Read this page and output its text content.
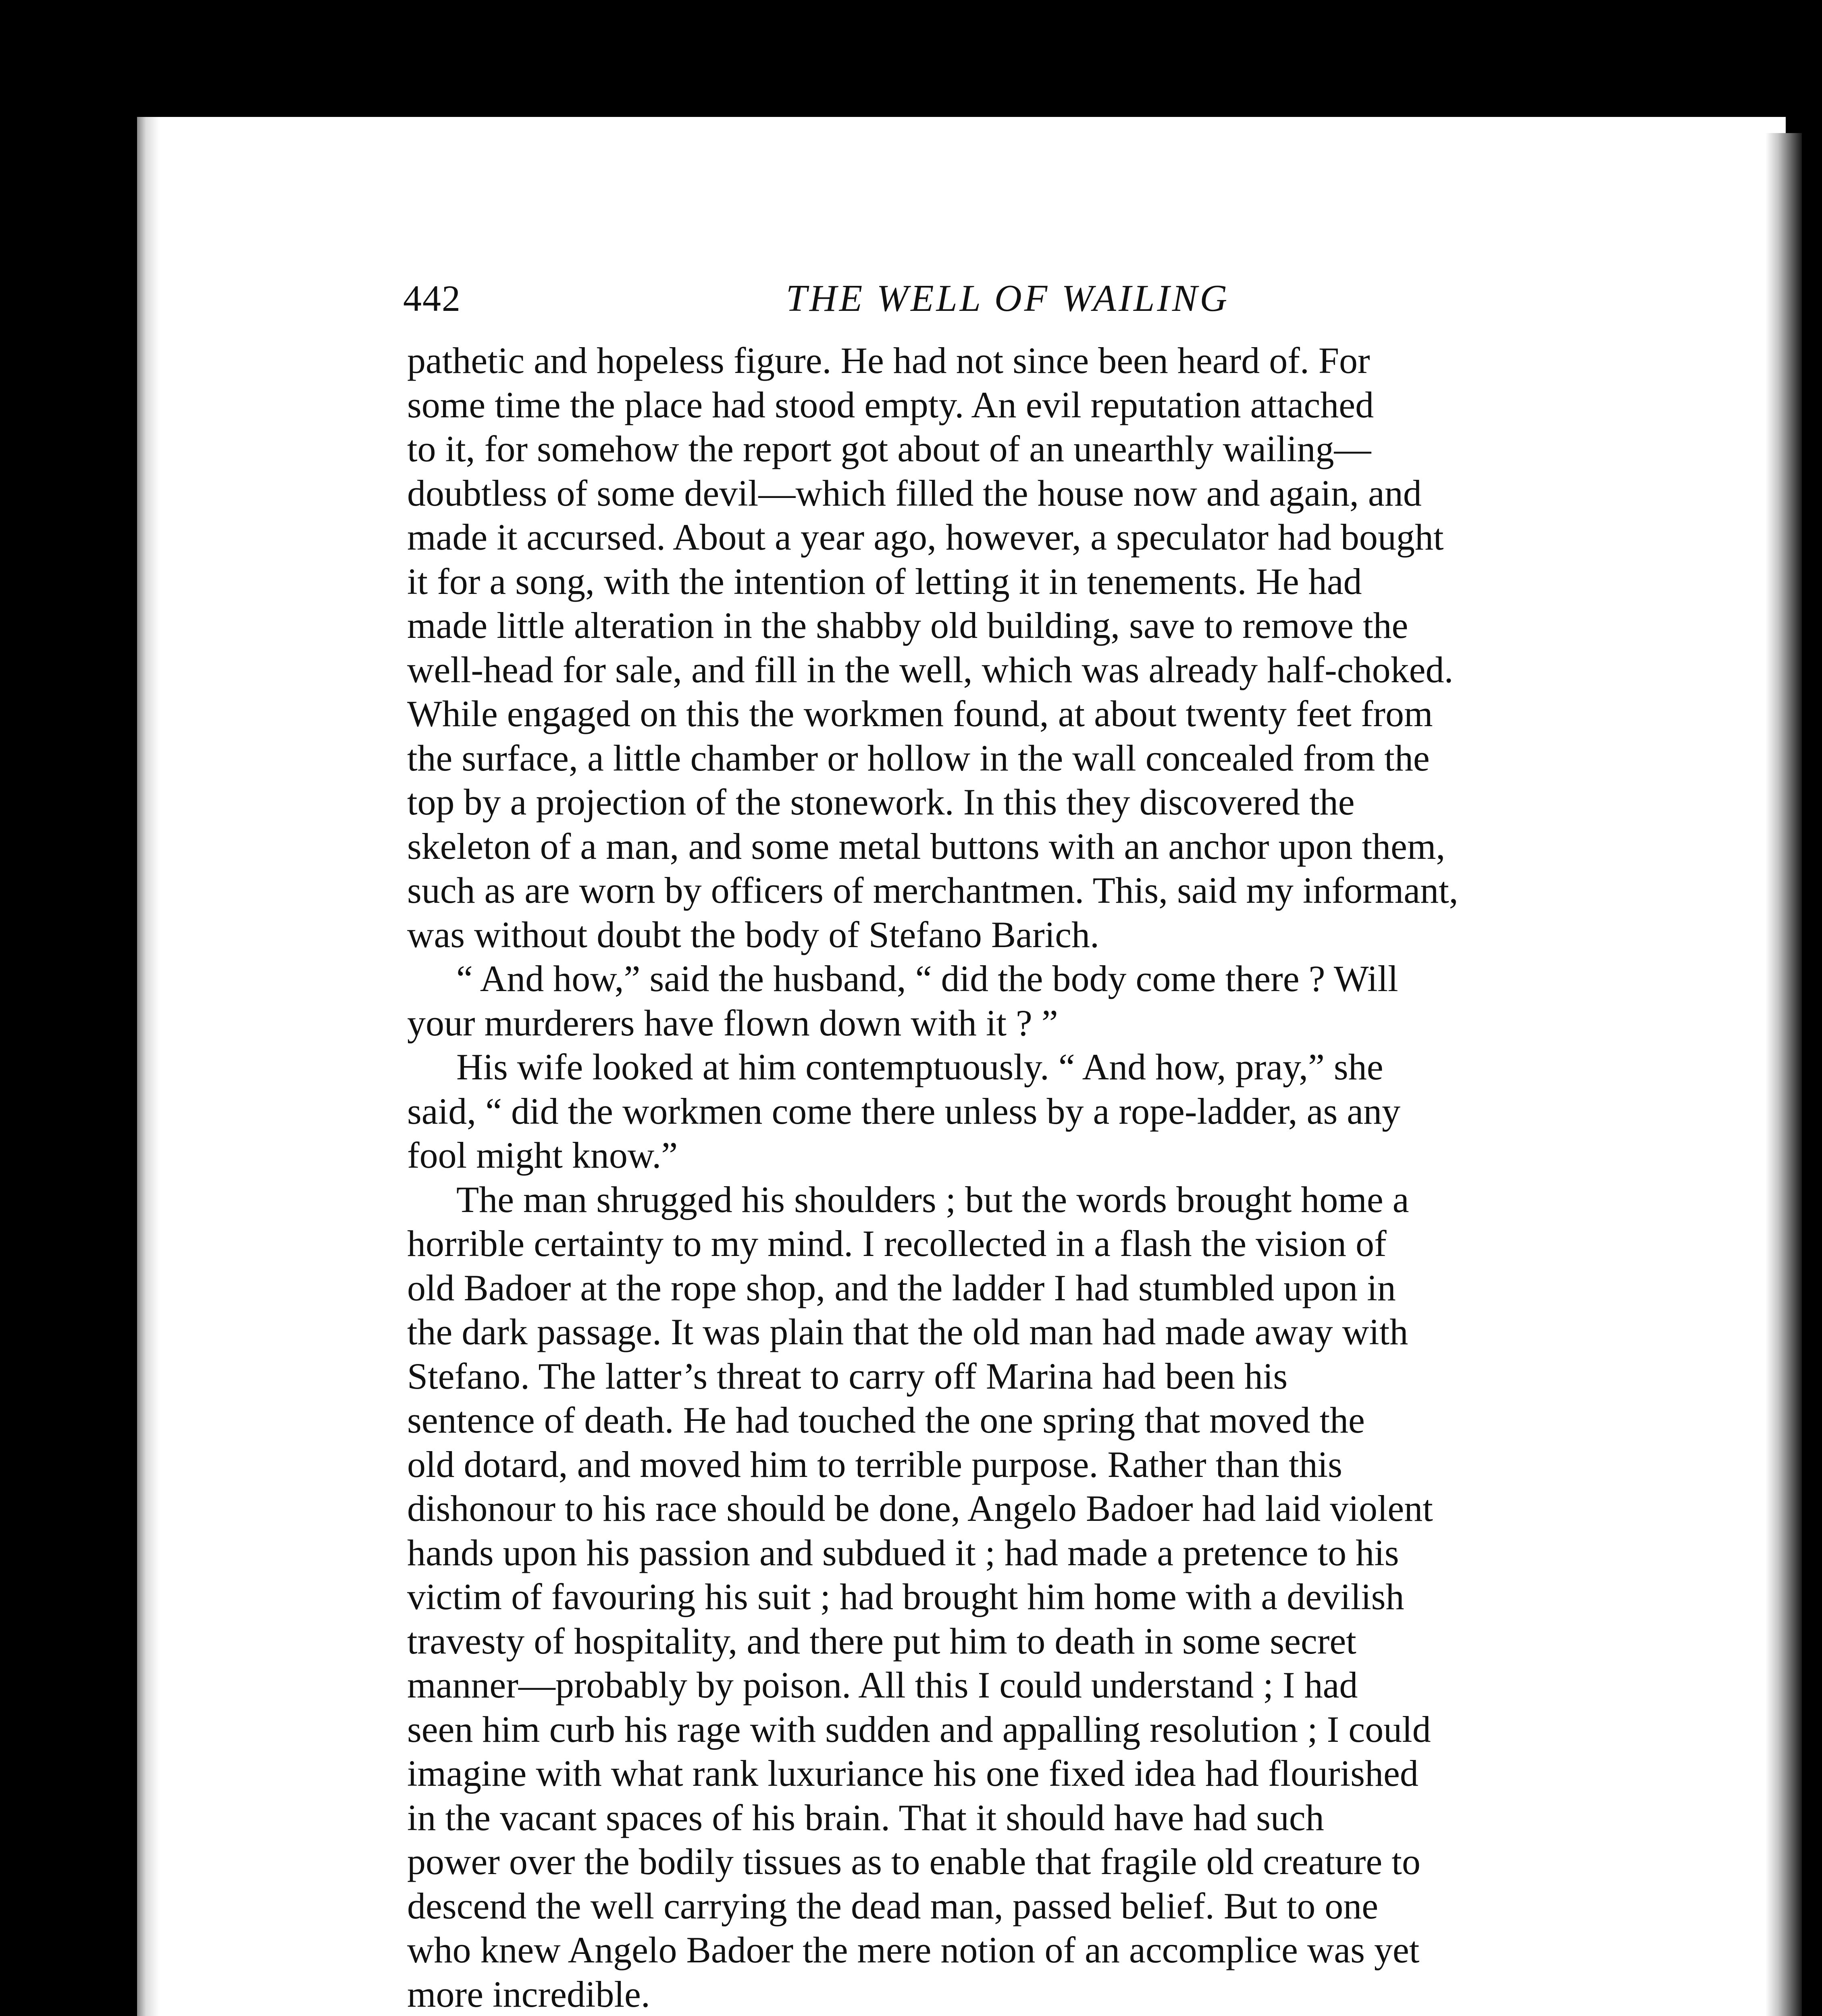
442	THE WELL OF WAILING

pathetic and hopeless figure. He had not since been heard of. For
some time the place had stood empty. An evil reputation attached
to it, for somehow the report got about of an unearthly wailing—
doubtless of some devil—which filled the house now and again, and
made it accursed. About a year ago, however, a speculator had bought
it for a song, with the intention of letting it in tenements. He had
made little alteration in the shabby old building, save to remove the
well-head for sale, and fill in the well, which was already half-choked.
While engaged on this the workmen found, at about twenty feet from
the surface, a little chamber or hollow in the wall concealed from the
top by a projection of the stonework. In this they discovered the
skeleton of a man, and some metal buttons with an anchor upon them,
such as are worn by officers of merchantmen. This, said my informant,
was without doubt the body of Stefano Barich.

“ And how,” said the husband, “ did the body come there ? Will
your murderers have flown down with it ? ”

His wife looked at him contemptuously. “ And how, pray,” she
said, “ did the workmen come there unless by a rope-ladder, as any
fool might know.”

The man shrugged his shoulders ; but the words brought home a
horrible certainty to my mind. I recollected in a flash the vision of
old Badoer at the rope shop, and the ladder I had stumbled upon in
the dark passage. It was plain that the old man had made away with
Stefano. The latter’s threat to carry off Marina had been his
sentence of death. He had touched the one spring that moved the
old dotard, and moved him to terrible purpose. Rather than this
dishonour to his race should be done, Angelo Badoer had laid violent
hands upon his passion and subdued it ; had made a pretence to his
victim of favouring his suit ; had brought him home with a devilish
travesty of hospitality, and there put him to death in some secret
manner—probably by poison. All this I could understand ; I had
seen him curb his rage with sudden and appalling resolution ; I could
imagine with what rank luxuriance his one fixed idea had flourished
in the vacant spaces of his brain. That it should have had such
power over the bodily tissues as to enable that fragile old creature to
descend the well carrying the dead man, passed belief. But to one
who knew Angelo Badoer the mere notion of an accomplice was yet
more incredible.
